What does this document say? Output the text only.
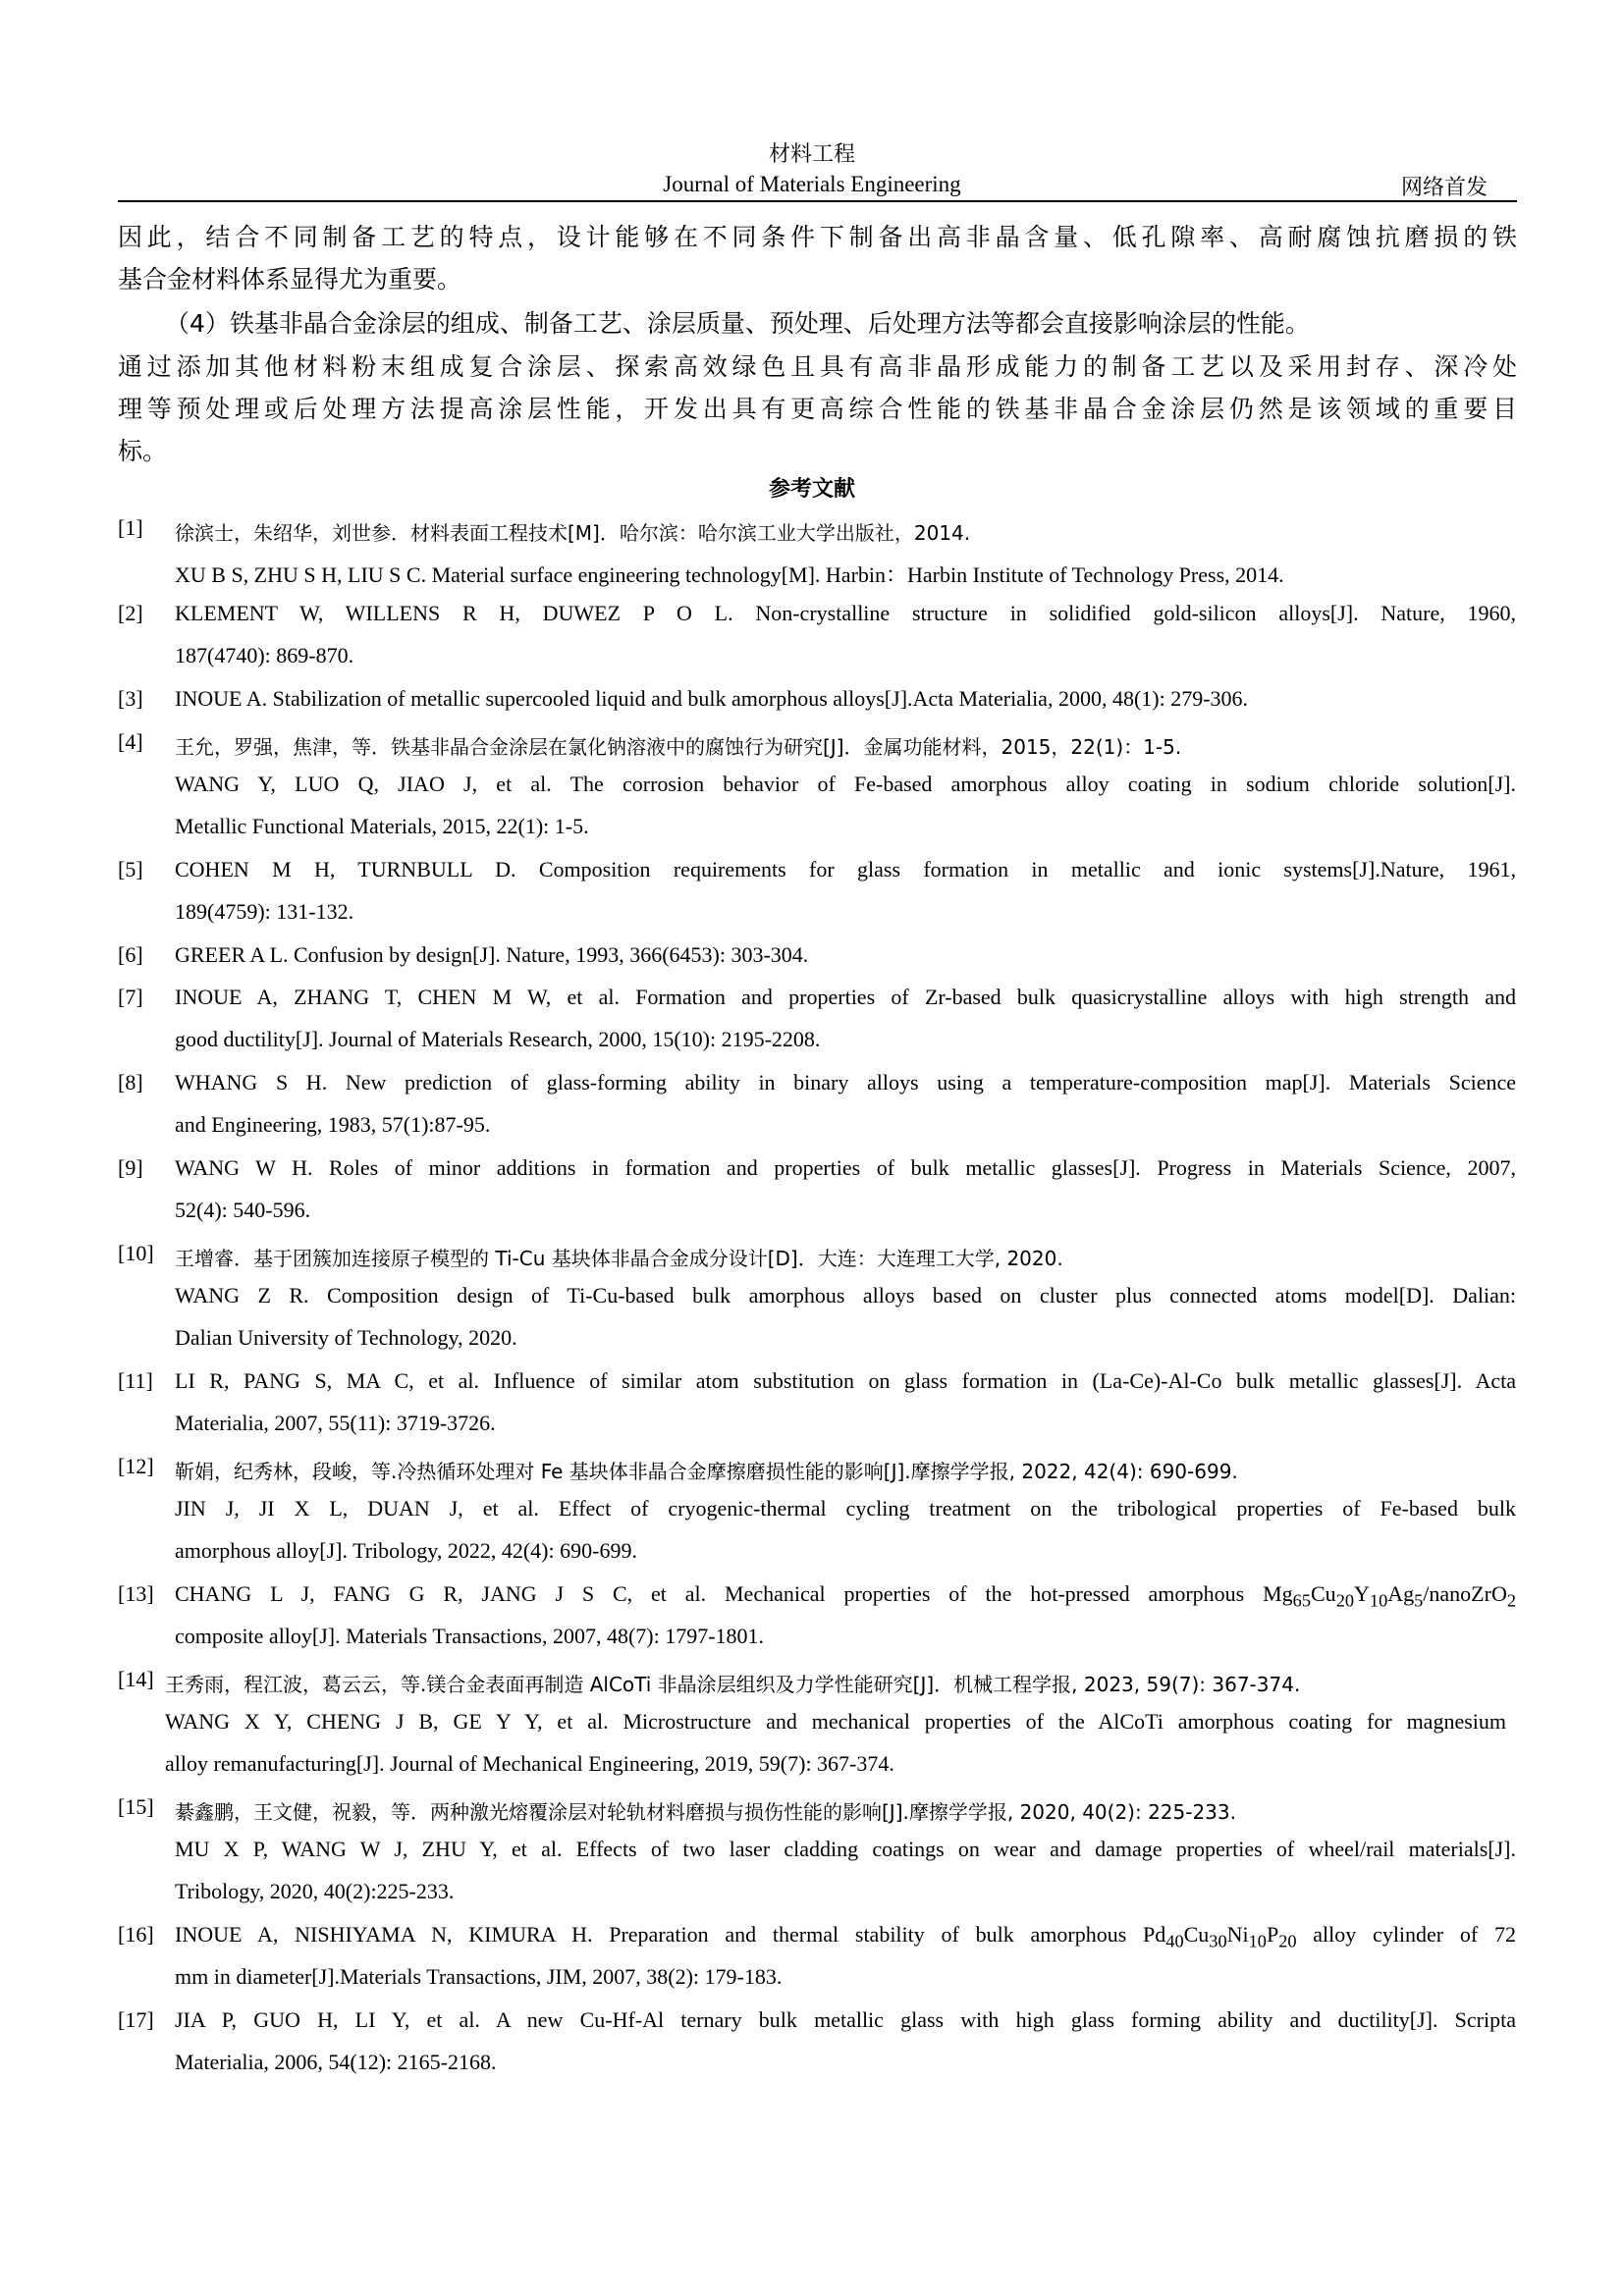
材料工程
Journal of Materials Engineering	网络首发
因此，结合不同制备工艺的特点，设计能够在不同条件下制备出高非晶含量、低孔隙率、高耐腐蚀抗磨损的铁
基合金材料体系显得尤为重要。
（4）铁基非晶合金涂层的组成、制备工艺、涂层质量、预处理、后处理方法等都会直接影响涂层的性能。
通过添加其他材料粉末组成复合涂层、探索高效绿色且具有高非晶形成能力的制备工艺以及采用封存、深冷处
理等预处理或后处理方法提高涂层性能，开发出具有更高综合性能的铁基非晶合金涂层仍然是该领域的重要目
标。
参考文献
[1] 徐滨士，朱绍华，刘世参．材料表面工程技术[M]．哈尔滨：哈尔滨工业大学出版社，2014.
XU B S, ZHU S H, LIU S C. Material surface engineering technology[M]. Harbin：Harbin Institute of Technology Press, 2014.
[2] KLEMENT W, WILLENS R H, DUWEZ P O L. Non-crystalline structure in solidified gold-silicon alloys[J]. Nature, 1960,
187(4740): 869-870.
[3] INOUE A. Stabilization of metallic supercooled liquid and bulk amorphous alloys[J].Acta Materialia, 2000, 48(1): 279-306.
[4] 王允，罗强，焦津，等．铁基非晶合金涂层在氯化钠溶液中的腐蚀行为研究[J]．金属功能材料，2015，22(1)：1-5.
WANG Y, LUO Q, JIAO J, et al. The corrosion behavior of Fe-based amorphous alloy coating in sodium chloride solution[J].
Metallic Functional Materials, 2015, 22(1): 1-5.
[5] COHEN M H, TURNBULL D. Composition requirements for glass formation in metallic and ionic systems[J].Nature, 1961,
189(4759): 131-132.
[6] GREER A L. Confusion by design[J]. Nature, 1993, 366(6453): 303-304.
[7] INOUE A, ZHANG T, CHEN M W, et al. Formation and properties of Zr-based bulk quasicrystalline alloys with high strength and
good ductility[J]. Journal of Materials Research, 2000, 15(10): 2195-2208.
[8] WHANG S H. New prediction of glass-forming ability in binary alloys using a temperature-composition map[J]. Materials Science
and Engineering, 1983, 57(1):87-95.
[9] WANG W H. Roles of minor additions in formation and properties of bulk metallic glasses[J]. Progress in Materials Science, 2007,
52(4): 540-596.
[10] 王增睿．基于团簇加连接原子模型的 Ti-Cu 基块体非晶合金成分设计[D]．大连：大连理工大学, 2020.
WANG Z R. Composition design of Ti-Cu-based bulk amorphous alloys based on cluster plus connected atoms model[D]. Dalian:
Dalian University of Technology, 2020.
[11] LI R, PANG S, MA C, et al. Influence of similar atom substitution on glass formation in (La-Ce)-Al-Co bulk metallic glasses[J]. Acta
Materialia, 2007, 55(11): 3719-3726.
[12] 靳娟，纪秀林，段峻，等.冷热循环处理对 Fe 基块体非晶合金摩擦磨损性能的影响[J].摩擦学学报, 2022, 42(4): 690-699.
JIN J, JI X L, DUAN J, et al. Effect of cryogenic-thermal cycling treatment on the tribological properties of Fe-based bulk
amorphous alloy[J]. Tribology, 2022, 42(4): 690-699.
[13] CHANG L J, FANG G R, JANG J S C, et al. Mechanical properties of the hot-pressed amorphous $Mg_{65}Cu_{20}Y_{10}Ag_5/nanoZrO_2$
composite alloy[J]. Materials Transactions, 2007, 48(7): 1797-1801.
[14] 王秀雨，程江波，葛云云，等.镁合金表面再制造 AlCoTi 非晶涂层组织及力学性能研究[J]．机械工程学报, 2023, 59(7): 367-374.
WANG X Y, CHENG J B, GE Y Y, et al. Microstructure and mechanical properties of the AlCoTi amorphous coating for magnesium
alloy remanufacturing[J]. Journal of Mechanical Engineering, 2019, 59(7): 367-374.
[15] 綦鑫鹏，王文健，祝毅，等．两种激光熔覆涂层对轮轨材料磨损与损伤性能的影响[J].摩擦学学报, 2020, 40(2): 225-233.
MU X P, WANG W J, ZHU Y, et al. Effects of two laser cladding coatings on wear and damage properties of wheel/rail materials[J].
Tribology, 2020, 40(2):225-233.
[16] INOUE A, NISHIYAMA N, KIMURA H. Preparation and thermal stability of bulk amorphous $Pd_{40}Cu_{30}Ni_{10}P_{20}$ alloy cylinder of 72
mm in diameter[J].Materials Transactions, JIM, 2007, 38(2): 179-183.
[17] JIA P, GUO H, LI Y, et al. A new Cu-Hf-Al ternary bulk metallic glass with high glass forming ability and ductility[J]. Scripta
Materialia, 2006, 54(12): 2165-2168.
